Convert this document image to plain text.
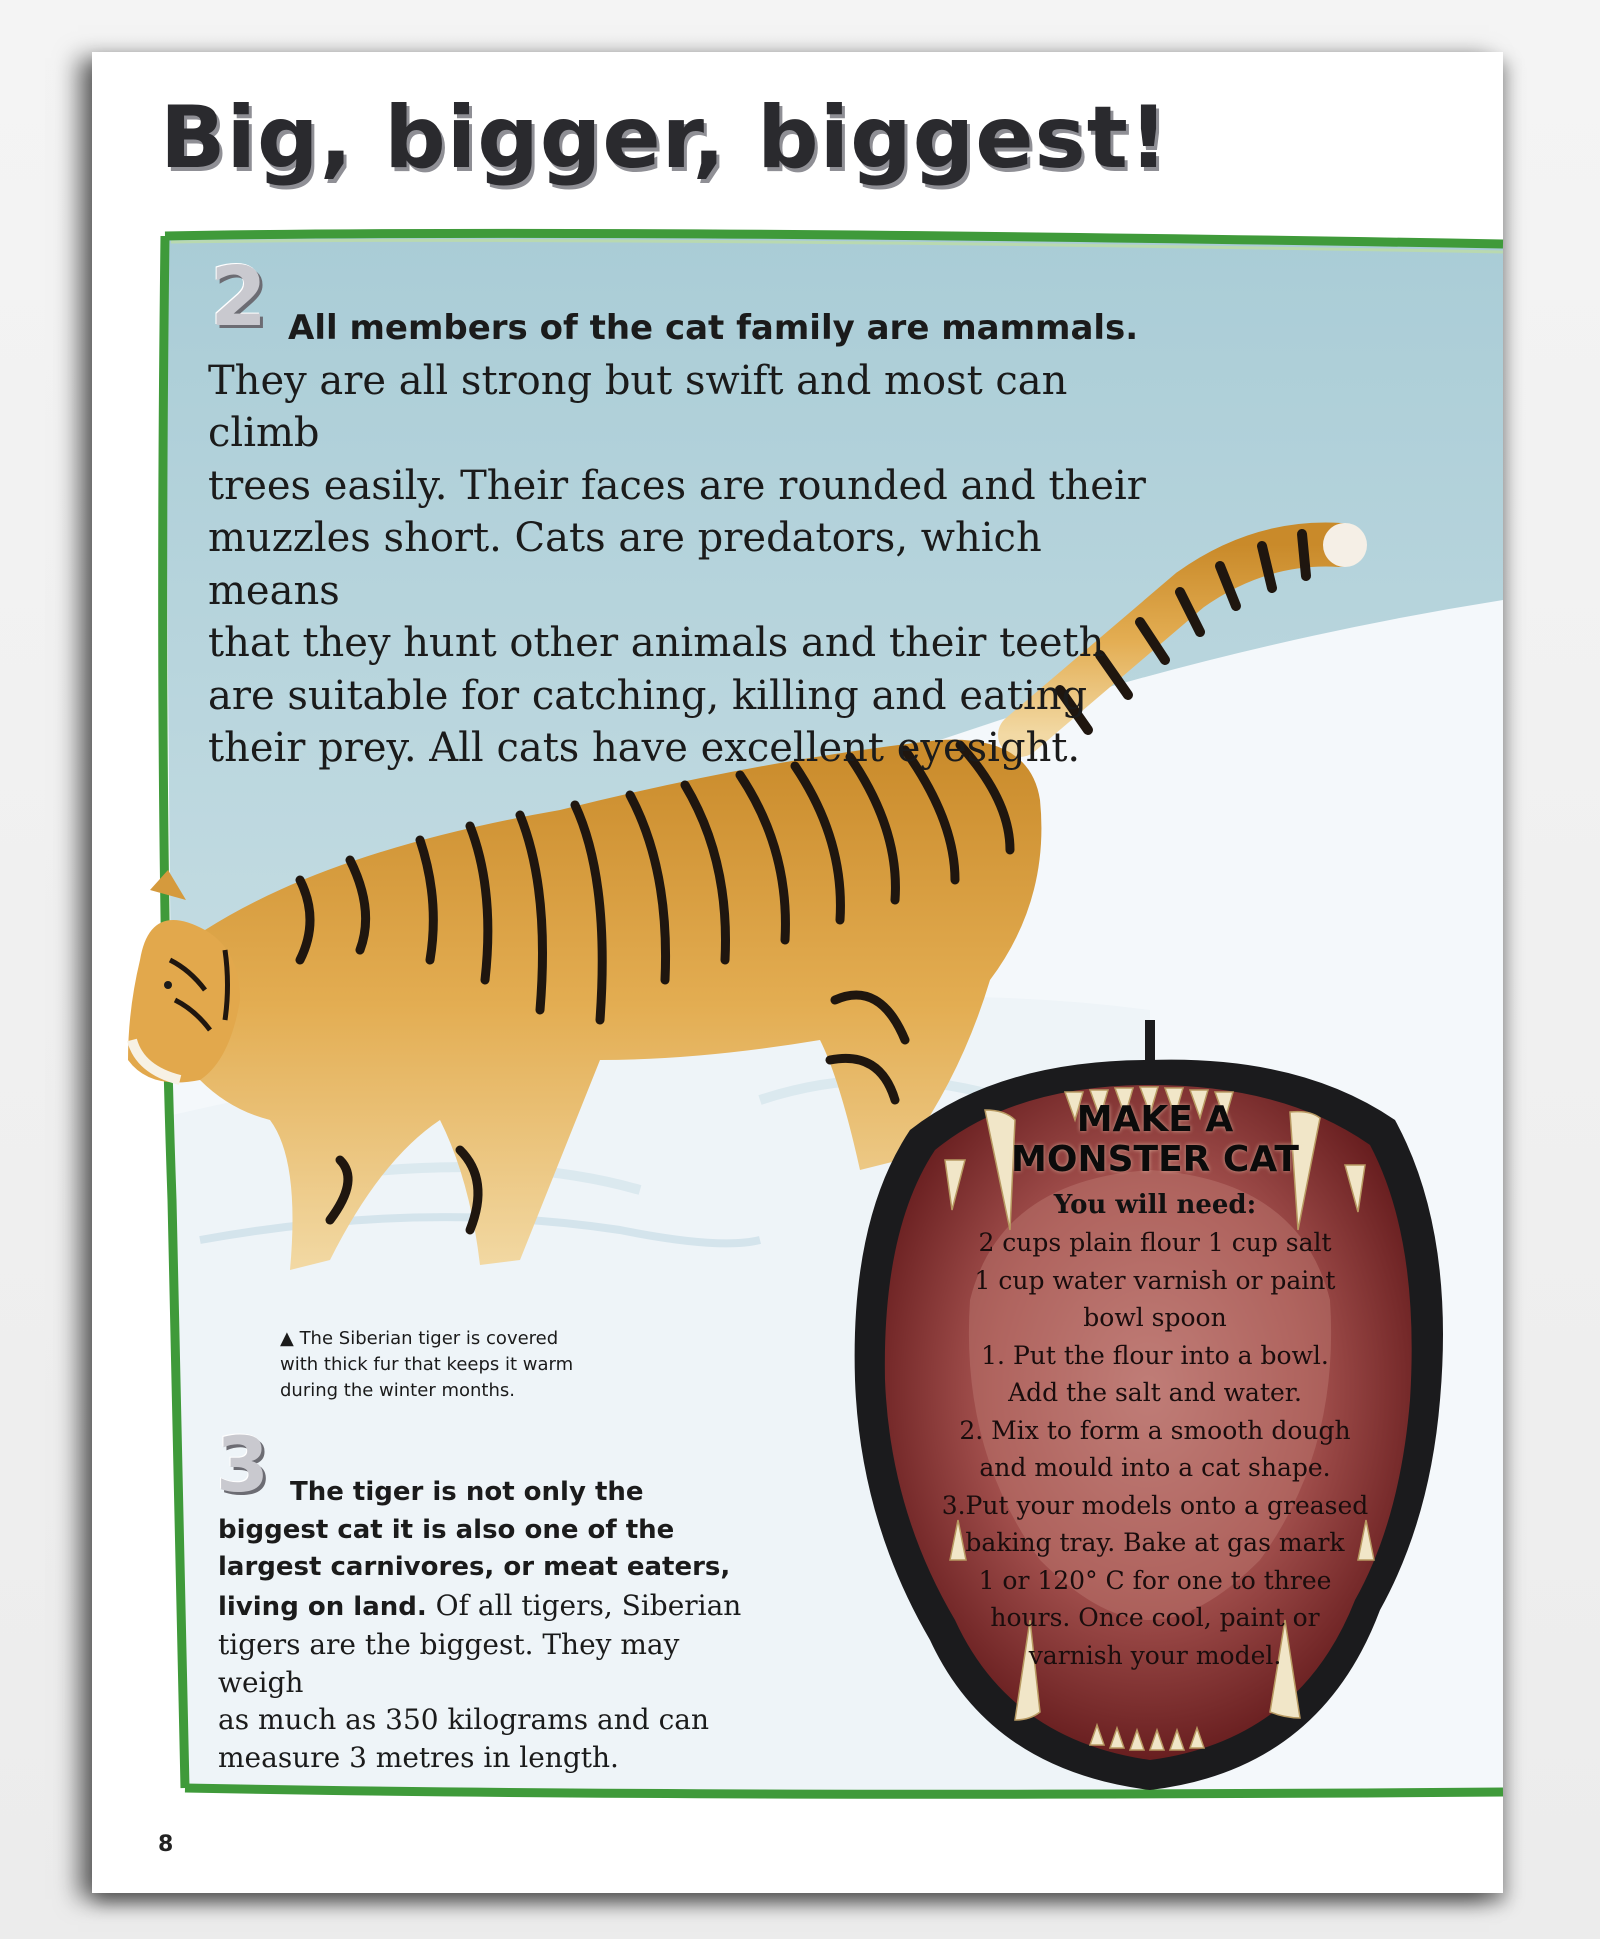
Big, bigger, biggest!
2 All members of the cat family are mammals.
They are all strong but swift and most can climb
trees easily. Their faces are rounded and their
muzzles short. Cats are predators, which means
that they hunt other animals and their teeth
are suitable for catching, killing and eating
their prey. All cats have excellent eyesight.
▲ The Siberian tiger is covered
with thick fur that keeps it warm
during the winter months.
3 The tiger is not only the
biggest cat it is also one of the
largest carnivores, or meat eaters,
living on land. Of all tigers, Siberian
tigers are the biggest. They may weigh
as much as 350 kilograms and can
measure 3 metres in length.
MAKE A
MONSTER CAT
You will need:
2 cups plain flour 1 cup salt
1 cup water varnish or paint
bowl spoon
1. Put the flour into a bowl.
Add the salt and water.
2. Mix to form a smooth dough
and mould into a cat shape.
3.Put your models onto a greased
baking tray. Bake at gas mark
1 or 120° C for one to three
hours. Once cool, paint or
varnish your model.
8
